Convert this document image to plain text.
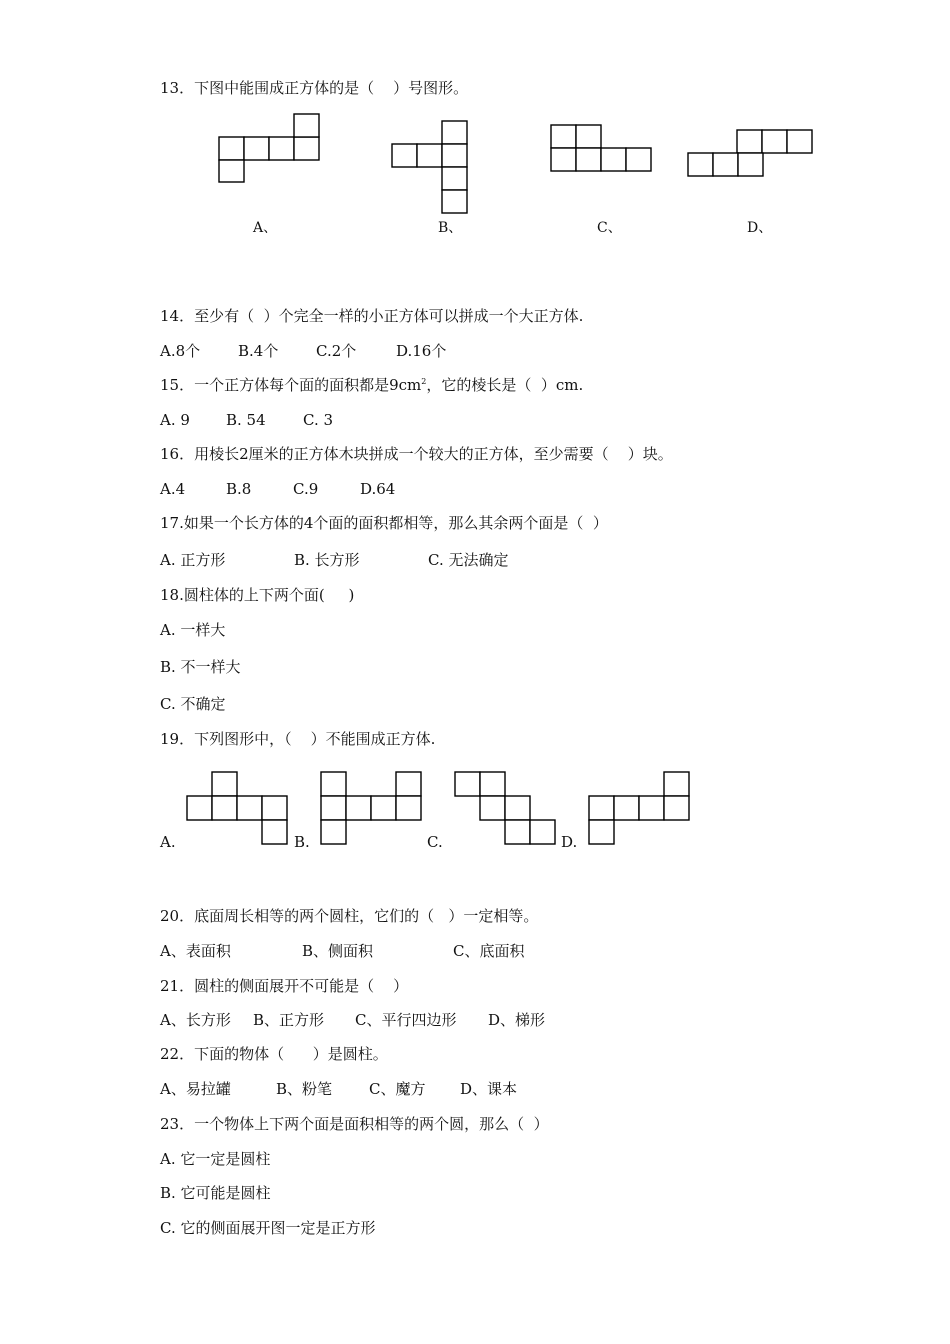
13．下图中能围成正方体的是（    ）号图形。
A、	B、	C、	D、
14．至少有（  ）个完全一样的小正方体可以拼成一个大正方体.
A.8个	B.4个	C.2个	D.16个
15．一个正方体每个面的面积都是$9cm^2$，它的棱长是（  ）cm.
A. 9 B. 54 C. 3
16．用棱长2厘米的正方体木块拼成一个较大的正方体，至少需要（    ）块。
A.4	B.8	C.9	D.64
17.如果一个长方体的4个面的面积都相等，那么其余两个面是（  ）
A. 正方形	B. 长方形	C. 无法确定
18.圆柱体的上下两个面(     )
A. 一样大
B. 不一样大
C. 不确定
19．下列图形中，（    ）不能围成正方体.
A.	B.	C.	D.
20．底面周长相等的两个圆柱，它们的（   ）一定相等。
A、表面积	B、侧面积	C、底面积
21．圆柱的侧面展开不可能是（    ）
A、长方形 B、正方形 C、平行四边形 D、梯形
22．下面的物体（      ）是圆柱。
A、易拉罐	B、粉笔 C、魔方 D、课本
23．一个物体上下两个面是面积相等的两个圆，那么（  ）
A. 它一定是圆柱
B. 它可能是圆柱
C. 它的侧面展开图一定是正方形
